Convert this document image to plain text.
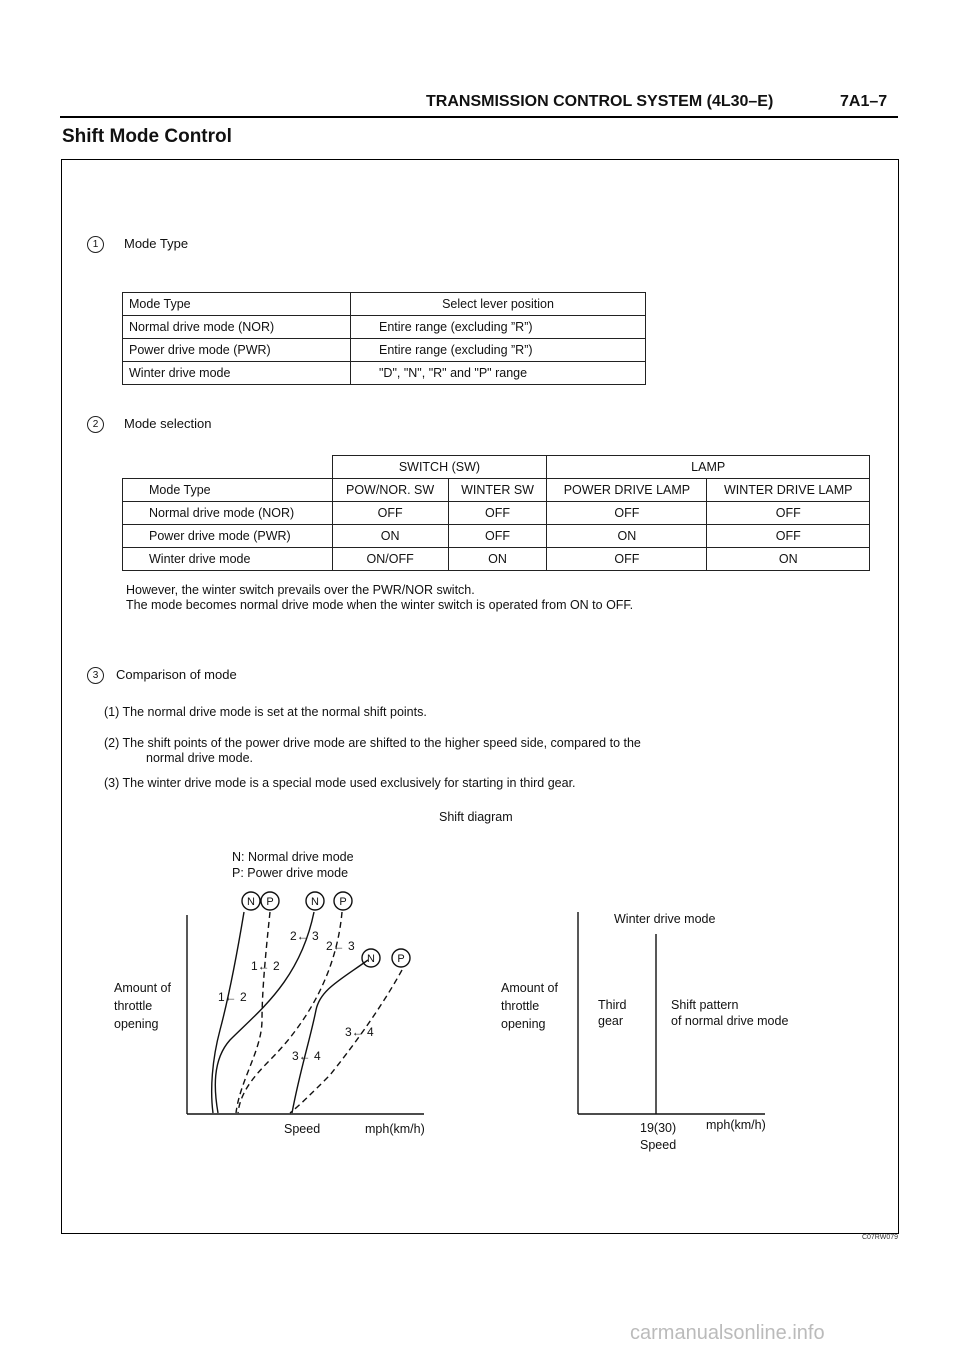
TRANSMISSION CONTROL SYSTEM (4L30–E)	7A1–7
Shift Mode Control
1	Mode Type
Mode Type	Select lever position
Normal drive mode (NOR)	Entire range (excluding ”R”)
Power drive mode (PWR)	Entire range (excluding ”R”)
Winter drive mode	"D", "N", "R" and "P" range
2	Mode selection
	SWITCH (SW)		LAMP	
Mode Type	POW/NOR. SW	WINTER SW	POWER DRIVE LAMP	WINTER DRIVE LAMP
Normal drive mode (NOR)	OFF	OFF	OFF	OFF
Power drive mode (PWR)	ON	OFF	ON	OFF
Winter drive mode	ON/OFF	ON	OFF	ON
However, the winter switch prevails over the PWR/NOR switch.
The mode becomes normal drive mode when the winter switch is operated from ON to OFF.
3	Comparison of mode
(1) The normal drive mode is set at the normal shift points.
(2) The shift points of the power drive mode are shifted to the higher speed side, compared to the
normal drive mode.
(3) The winter drive mode is a special mode used exclusively for starting in third gear.
Shift diagram
N: Normal drive mode
P: Power drive mode
Amount of
throttle
opening
Speed	mph(km/h)
Winter drive mode
Amount of
throttle
opening
Third
gear
Shift pattern
of normal drive mode
19(30)
Speed
mph(km/h)
N P	N P
N P
1← 2
1← 2
2← 3
2← 3
3← 4
3← 4
C07RW079
carmanualsonline.info
